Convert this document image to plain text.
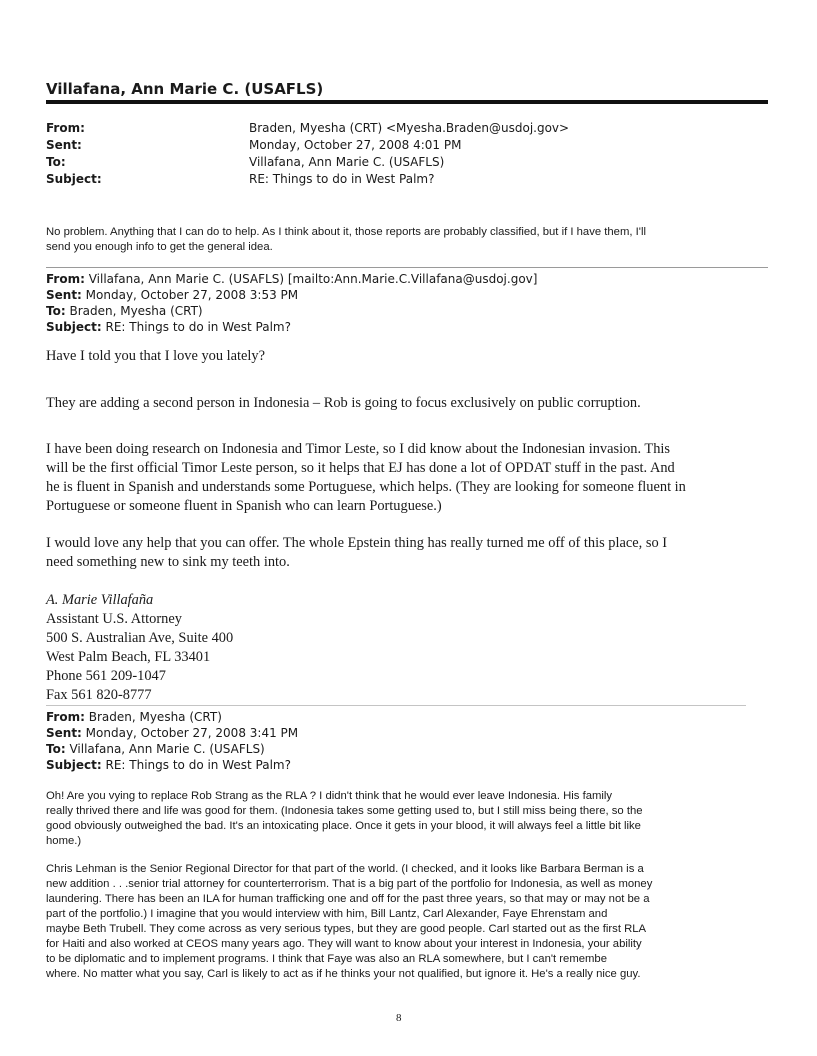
Villafana, Ann Marie C. (USAFLS)
From:	Braden, Myesha (CRT) <Myesha.Braden@usdoj.gov>
Sent:	Monday, October 27, 2008 4:01 PM
To:	Villafana, Ann Marie C. (USAFLS)
Subject:	RE: Things to do in West Palm?
No problem. Anything that I can do to help. As I think about it, those reports are probably classified, but if I have them, I'll
send you enough info to get the general idea.
From: Villafana, Ann Marie C. (USAFLS) [mailto:Ann.Marie.C.Villafana@usdoj.gov]
Sent: Monday, October 27, 2008 3:53 PM
To: Braden, Myesha (CRT)
Subject: RE: Things to do in West Palm?
Have I told you that I love you lately?
They are adding a second person in Indonesia – Rob is going to focus exclusively on public corruption.
I have been doing research on Indonesia and Timor Leste, so I did know about the Indonesian invasion. This
will be the first official Timor Leste person, so it helps that EJ has done a lot of OPDAT stuff in the past. And
he is fluent in Spanish and understands some Portuguese, which helps. (They are looking for someone fluent in
Portuguese or someone fluent in Spanish who can learn Portuguese.)
I would love any help that you can offer. The whole Epstein thing has really turned me off of this place, so I
need something new to sink my teeth into.
A. Marie Villafaña
Assistant U.S. Attorney
500 S. Australian Ave, Suite 400
West Palm Beach, FL 33401
Phone 561 209-1047
Fax 561 820-8777
From: Braden, Myesha (CRT)
Sent: Monday, October 27, 2008 3:41 PM
To: Villafana, Ann Marie C. (USAFLS)
Subject: RE: Things to do in West Palm?
Oh! Are you vying to replace Rob Strang as the RLA ? I didn't think that he would ever leave Indonesia. His family
really thrived there and life was good for them. (Indonesia takes some getting used to, but I still miss being there, so the
good obviously outweighed the bad. It's an intoxicating place. Once it gets in your blood, it will always feel a little bit like
home.)
Chris Lehman is the Senior Regional Director for that part of the world. (I checked, and it looks like Barbara Berman is a
new addition . . .senior trial attorney for counterterrorism. That is a big part of the portfolio for Indonesia, as well as money
laundering. There has been an ILA for human trafficking one and off for the past three years, so that may or may not be a
part of the portfolio.) I imagine that you would interview with him, Bill Lantz, Carl Alexander, Faye Ehrenstam and
maybe Beth Trubell. They come across as very serious types, but they are good people. Carl started out as the first RLA
for Haiti and also worked at CEOS many years ago. They will want to know about your interest in Indonesia, your ability
to be diplomatic and to implement programs. I think that Faye was also an RLA somewhere, but I can't remembe
where. No matter what you say, Carl is likely to act as if he thinks your not qualified, but ignore it. He's a really nice guy.
8
